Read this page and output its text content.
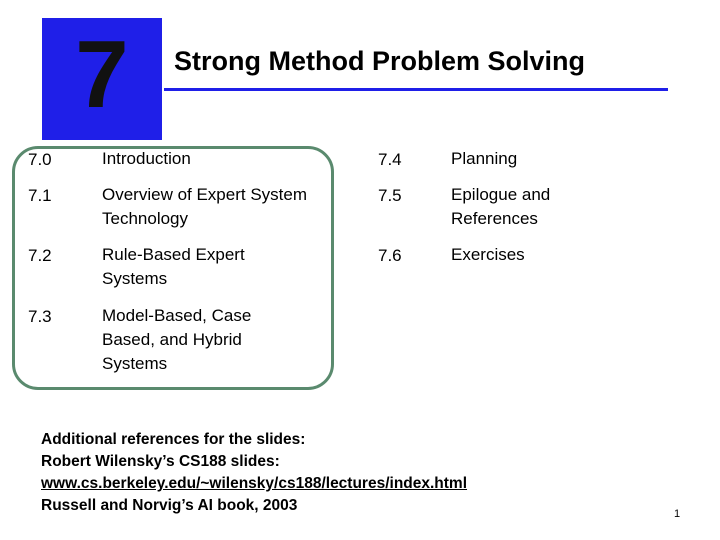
7	Strong Method Problem Solving
7.0	Introduction
7.1	Overview of Expert System Technology
7.2	Rule-Based Expert Systems
7.3	Model-Based, Case Based, and Hybrid Systems
7.4	Planning
7.5	Epilogue and References
7.6	Exercises
Additional references for the slides:
Robert Wilensky’s CS188 slides:
www.cs.berkeley.edu/~wilensky/cs188/lectures/index.html
Russell and Norvig’s AI book, 2003	1
